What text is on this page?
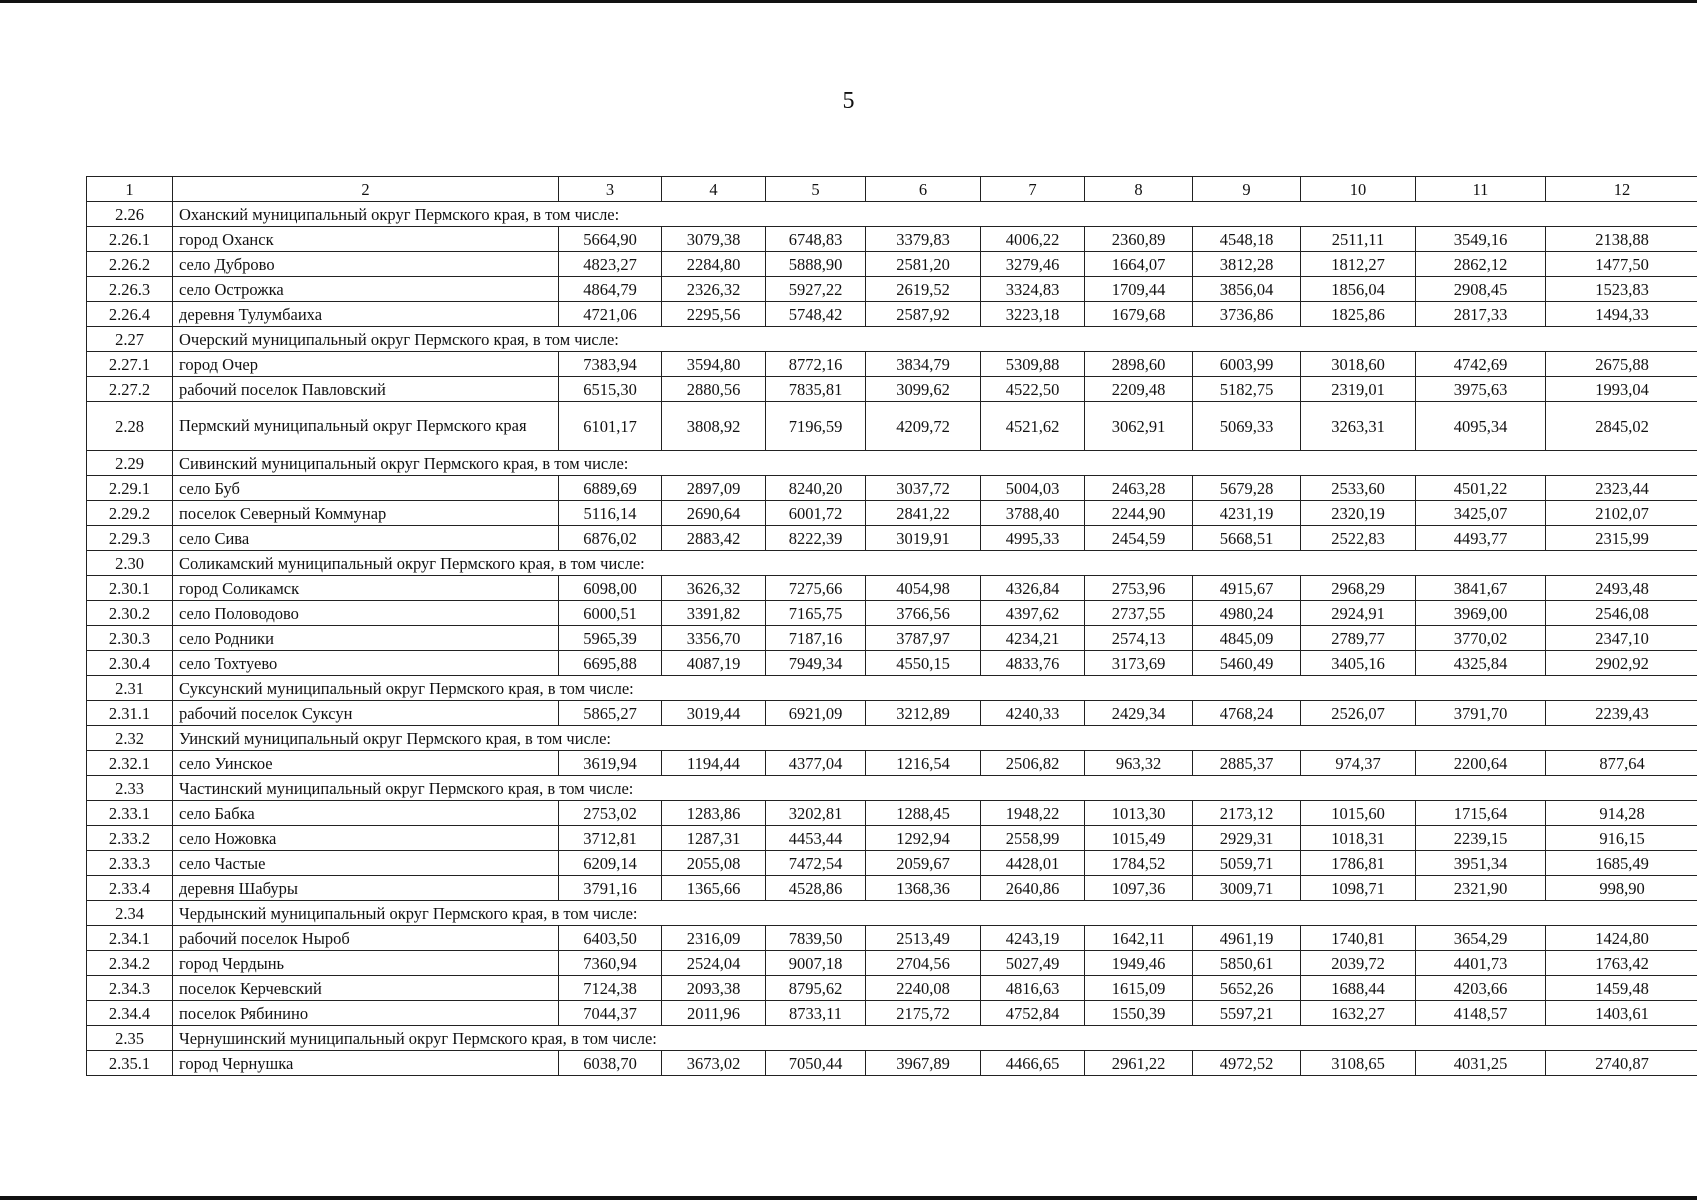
5
1	2	3	4	5	6	7	8	9	10	11	12
2.26	Оханский муниципальный округ Пермского края, в том числе:										
2.26.1	город Оханск	5664,90	3079,38	6748,83	3379,83	4006,22	2360,89	4548,18	2511,11	3549,16	2138,88
2.26.2	село Дуброво	4823,27	2284,80	5888,90	2581,20	3279,46	1664,07	3812,28	1812,27	2862,12	1477,50
2.26.3	село Острожка	4864,79	2326,32	5927,22	2619,52	3324,83	1709,44	3856,04	1856,04	2908,45	1523,83
2.26.4	деревня Тулумбаиха	4721,06	2295,56	5748,42	2587,92	3223,18	1679,68	3736,86	1825,86	2817,33	1494,33
2.27	Очерский муниципальный округ Пермского края, в том числе:										
2.27.1	город Очер	7383,94	3594,80	8772,16	3834,79	5309,88	2898,60	6003,99	3018,60	4742,69	2675,88
2.27.2	рабочий поселок Павловский	6515,30	2880,56	7835,81	3099,62	4522,50	2209,48	5182,75	2319,01	3975,63	1993,04
2.28	Пермский муниципальный округ Пермского края	6101,17	3808,92	7196,59	4209,72	4521,62	3062,91	5069,33	3263,31	4095,34	2845,02
2.29	Сивинский муниципальный округ Пермского края, в том числе:										
2.29.1	село Буб	6889,69	2897,09	8240,20	3037,72	5004,03	2463,28	5679,28	2533,60	4501,22	2323,44
2.29.2	поселок Северный Коммунар	5116,14	2690,64	6001,72	2841,22	3788,40	2244,90	4231,19	2320,19	3425,07	2102,07
2.29.3	село Сива	6876,02	2883,42	8222,39	3019,91	4995,33	2454,59	5668,51	2522,83	4493,77	2315,99
2.30	Соликамский муниципальный округ Пермского края, в том числе:										
2.30.1	город Соликамск	6098,00	3626,32	7275,66	4054,98	4326,84	2753,96	4915,67	2968,29	3841,67	2493,48
2.30.2	село Половодово	6000,51	3391,82	7165,75	3766,56	4397,62	2737,55	4980,24	2924,91	3969,00	2546,08
2.30.3	село Родники	5965,39	3356,70	7187,16	3787,97	4234,21	2574,13	4845,09	2789,77	3770,02	2347,10
2.30.4	село Тохтуево	6695,88	4087,19	7949,34	4550,15	4833,76	3173,69	5460,49	3405,16	4325,84	2902,92
2.31	Суксунский муниципальный округ Пермского края, в том числе:										
2.31.1	рабочий поселок Суксун	5865,27	3019,44	6921,09	3212,89	4240,33	2429,34	4768,24	2526,07	3791,70	2239,43
2.32	Уинский муниципальный округ Пермского края, в том числе:										
2.32.1	село Уинское	3619,94	1194,44	4377,04	1216,54	2506,82	963,32	2885,37	974,37	2200,64	877,64
2.33	Частинский муниципальный округ Пермского края, в том числе:										
2.33.1	село Бабка	2753,02	1283,86	3202,81	1288,45	1948,22	1013,30	2173,12	1015,60	1715,64	914,28
2.33.2	село Ножовка	3712,81	1287,31	4453,44	1292,94	2558,99	1015,49	2929,31	1018,31	2239,15	916,15
2.33.3	село Частые	6209,14	2055,08	7472,54	2059,67	4428,01	1784,52	5059,71	1786,81	3951,34	1685,49
2.33.4	деревня Шабуры	3791,16	1365,66	4528,86	1368,36	2640,86	1097,36	3009,71	1098,71	2321,90	998,90
2.34	Чердынский муниципальный округ Пермского края, в том числе:										
2.34.1	рабочий поселок Ныроб	6403,50	2316,09	7839,50	2513,49	4243,19	1642,11	4961,19	1740,81	3654,29	1424,80
2.34.2	город Чердынь	7360,94	2524,04	9007,18	2704,56	5027,49	1949,46	5850,61	2039,72	4401,73	1763,42
2.34.3	поселок Керчевский	7124,38	2093,38	8795,62	2240,08	4816,63	1615,09	5652,26	1688,44	4203,66	1459,48
2.34.4	поселок Рябинино	7044,37	2011,96	8733,11	2175,72	4752,84	1550,39	5597,21	1632,27	4148,57	1403,61
2.35	Чернушинский муниципальный округ Пермского края, в том числе:										
2.35.1	город Чернушка	6038,70	3673,02	7050,44	3967,89	4466,65	2961,22	4972,52	3108,65	4031,25	2740,87
